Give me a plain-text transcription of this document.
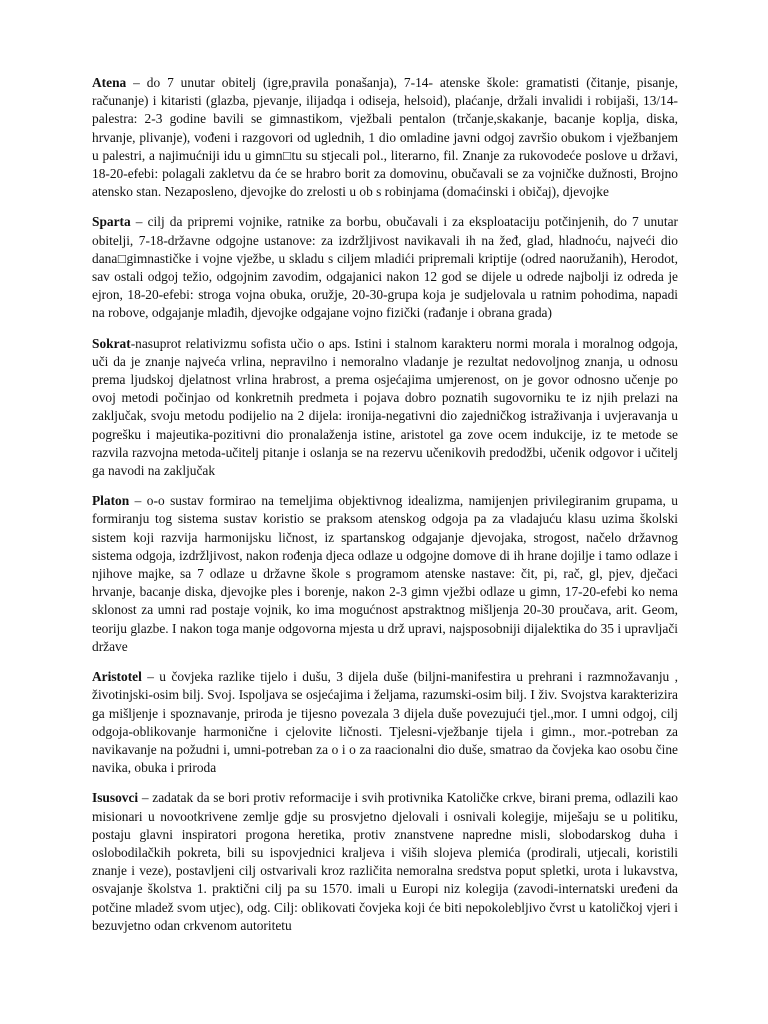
Atena – do 7 unutar obitelj (igre,pravila ponašanja), 7-14- atenske škole: gramatisti (čitanje, pisanje, računanje) i kitaristi (glazba, pjevanje, ilijadqa i odiseja, helsoid), plaćanje, držali invalidi i robijaši, 13/14-palestra: 2-3 godine bavili se gimnastikom, vježbali pentalon (trčanje,skakanje, bacanje koplja, diska, hrvanje, plivanje), vođeni i razgovori od uglednih, 1 dio omladine javni odgoj završio obukom i vježbanjem u palestri, a najimućniji idu u gimn□tu su stjecali pol., literarno, fil. Znanje za rukovodeće poslove u državi, 18-20-efebi: polagali zakletvu da će se hrabro borit za domovinu, obučavali se za vojničke dužnosti, Brojno atensko stan. Nezaposleno, djevojke do zrelosti u ob s robinjama (domaćinski i običaj), djevojke

Sparta – cilj da pripremi vojnike, ratnike za borbu, obučavali i za eksploataciju potčinjenih, do 7 unutar obitelji, 7-18-državne odgojne ustanove: za izdržljivost navikavali ih na žeđ, glad, hladnoću, najveći dio dana□gimnastičke i vojne vježbe, u skladu s ciljem mladići pripremali kriptije (odred naoružanih), Herodot, sav ostali odgoj težio, odgojnim zavodim, odgajanici nakon 12 god se dijele u odrede najbolji iz odreda je ejron, 18-20-efebi: stroga vojna obuka, oružje, 20-30-grupa koja je sudjelovala u ratnim pohodima, napadi na robove, odgajanje mlađih, djevojke odgajane vojno fizički (rađanje i obrana grada)

Sokrat-nasuprot relativizmu sofista učio o aps. Istini i stalnom karakteru normi morala i moralnog odgoja, uči da je znanje najveća vrlina, nepravilno i nemoralno vladanje je rezultat nedovoljnog znanja, u odnosu prema ljudskoj djelatnost vrlina hrabrost, a prema osjećajima umjerenost, on je govor odnosno učenje po ovoj metodi počinjao od konkretnih predmeta i pojava dobro poznatih sugovorniku te iz njih prelazi na zaključak, svoju metodu podijelio na 2 dijela: ironija-negativni dio zajedničkog istraživanja i uvjeravanja u pogrešku i majeutika-pozitivni dio pronalaženja istine, aristotel ga zove ocem indukcije, iz te metode se razvila razvojna metoda-učitelj pitanje i oslanja se na rezervu učenikovih predodžbi, učenik odgovor i učitelj ga navodi na zaključak

Platon – o-o sustav formirao na temeljima objektivnog idealizma, namijenjen privilegiranim grupama, u formiranju tog sistema sustav koristio se praksom atenskog odgoja pa za vladajuću klasu uzima školski sistem koji razvija harmonijsku ličnost, iz spartanskog odgajanje djevojaka, strogost, načelo državnog sistema odgoja, izdržljivost, nakon rođenja djeca odlaze u odgojne domove di ih hrane dojilje i tamo odlaze i njihove majke, sa 7 odlaze u državne škole s programom atenske nastave: čit, pi, rač, gl, pjev, dječaci hrvanje, bacanje diska, djevojke ples i borenje, nakon 2-3 gimn vježbi odlaze u gimn, 17-20-efebi ko nema sklonost za umni rad postaje vojnik, ko ima mogućnost apstraktnog mišljenja 20-30 proučava, arit. Geom, teoriju glazbe. I nakon toga manje odgovorna mjesta u drž upravi, najsposobniji dijalektika do 35 i upravljači države

Aristotel – u čovjeka razlike tijelo i dušu, 3 dijela duše (biljni-manifestira u prehrani i razmnožavanju , životinjski-osim bilj. Svoj. Ispoljava se osjećajima i željama, razumski-osim bilj. I živ. Svojstva karakterizira ga mišljenje i spoznavanje, priroda je tijesno povezala 3 dijela duše povezujući tjel.,mor. I umni odgoj, cilj odgoja-oblikovanje harmonične i cjelovite ličnosti. Tjelesni-vježbanje tijela i gimn., mor.-potreban za navikavanje na požudni i, umni-potreban za o i o za raacionalni dio duše, smatrao da čovjeka kao osobu čine navika, obuka i priroda

Isusovci – zadatak da se bori protiv reformacije i svih protivnika Katoličke crkve, birani prema, odlazili kao misionari u novootkrivene zemlje gdje su prosvjetno djelovali i osnivali kolegije, miješaju se u politiku, postaju glavni inspiratori progona heretika, protiv znanstvene napredne misli, slobodarskog duha i oslobodilačkih pokreta, bili su ispovjednici kraljeva i viših slojeva plemića (prodirali, utjecali, koristili znanje i veze), postavljeni cilj ostvarivali kroz različita nemoralna sredstva poput spletki, urota i lukavstva, osvajanje školstva 1. praktični cilj pa su 1570. imali u Europi niz kolegija (zavodi-internatski uređeni da potčine mladež svom utjec), odg. Cilj: oblikovati čovjeka koji će biti nepokolebljivo čvrst u katoličkoj vjeri i bezuvjetno odan crkvenom autoritetu
